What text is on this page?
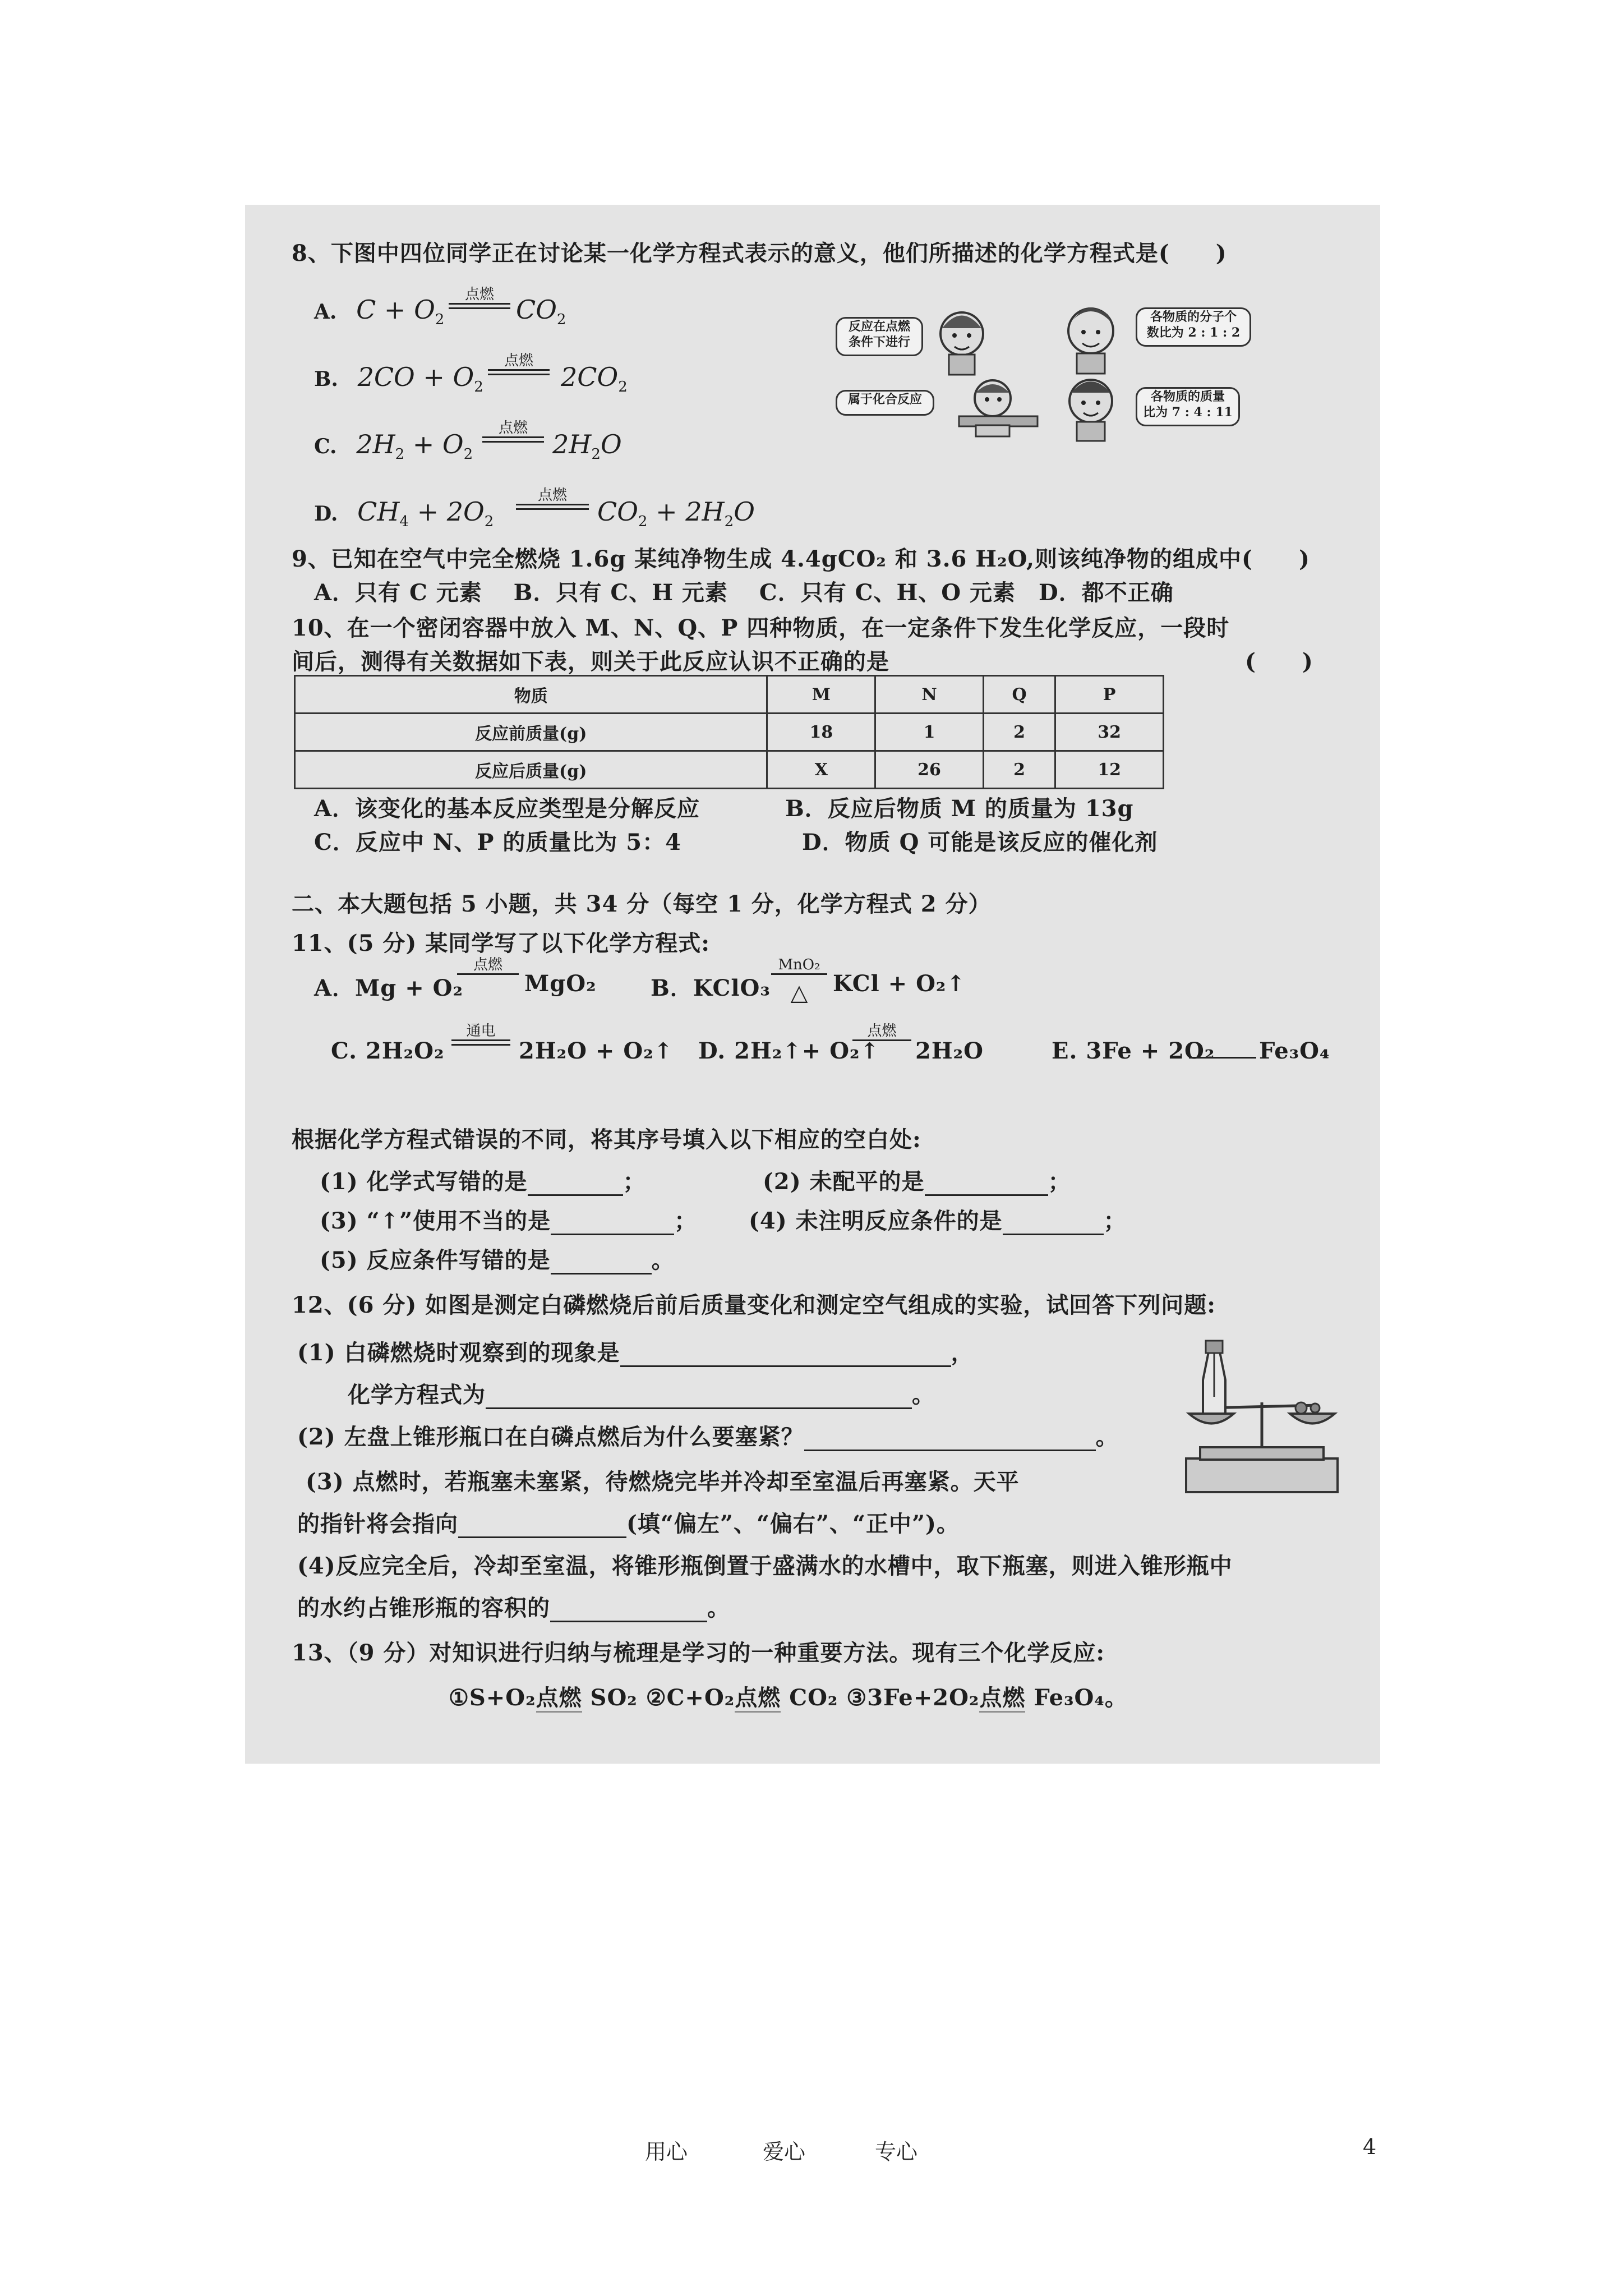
8、下图中四位同学正在讨论某一化学方程式表示的意义，他们所描述的化学方程式是(　　)
A. $C + O_2$
点燃 $CO_2$
B. $2CO + O_2$
点燃
$2CO_2$
C. $2H_2 + O_2$
点燃
$2H_2O$
D. $CH_4 + 2O_2$
点燃
$CO_2 + 2H_2O$
反应在点燃
条件下进行
各物质的分子个
数比为 2 : 1 : 2
属于化合反应	各物质的质量
比为 7 : 4 : 11
9、已知在空气中完全燃烧 1.6g 某纯净物生成 4.4gCO₂ 和 3.6 H₂O,则该纯净物的组成中(　　)
A．只有 C 元素　 B．只有 C、H 元素　 C．只有 C、H、O 元素　D．都不正确
10、在一个密闭容器中放入 M、N、Q、P 四种物质，在一定条件下发生化学反应，一段时
间后，测得有关数据如下表，则关于此反应认识不正确的是	(　　)
物质	M	N	Q	P
反应前质量(g)	18	1	2	32
反应后质量(g)	X	26	2	12
A．该变化的基本反应类型是分解反应	B．反应后物质 M 的质量为 13g
C．反应中 N、P 的质量比为 5：4	D．物质 Q 可能是该反应的催化剂
二、本大题包括 5 小题，共 34 分（每空 1 分，化学方程式 2 分）
11、(5 分) 某同学写了以下化学方程式:
A．Mg + O₂
点燃
MgO₂ B．KClO₃
MnO₂
△	KCl + O₂↑
C. 2H₂O₂
通电
2H₂O + O₂↑ D. 2H₂↑+ O₂↑
点燃
2H₂O	E. 3Fe + 2O₂ Fe₃O₄
根据化学方程式错误的不同，将其序号填入以下相应的空白处:
(1) 化学式写错的是	；	(2) 未配平的是	；
(3) “↑”使用不当的是	； (4) 未注明反应条件的是	；
(5) 反应条件写错的是	。
12、(6 分) 如图是测定白磷燃烧后前后质量变化和测定空气组成的实验，试回答下列问题:
(1) 白磷燃烧时观察到的现象是	，
化学方程式为	。
(2) 左盘上锥形瓶口在白磷点燃后为什么要塞紧？	。
(3) 点燃时，若瓶塞未塞紧，待燃烧完毕并冷却至室温后再塞紧。天平
的指针将会指向	(填“偏左”、“偏右”、“正中”)。
(4)反应完全后，冷却至室温，将锥形瓶倒置于盛满水的水槽中，取下瓶塞，则进入锥形瓶中
的水约占锥形瓶的容积的	。
13、（9 分）对知识进行归纳与梳理是学习的一种重要方法。现有三个化学反应:
①S+O₂点燃 SO₂ ②C+O₂点燃 CO₂ ③3Fe+2O₂点燃 Fe₃O₄。
用心	爱心	专心	4
